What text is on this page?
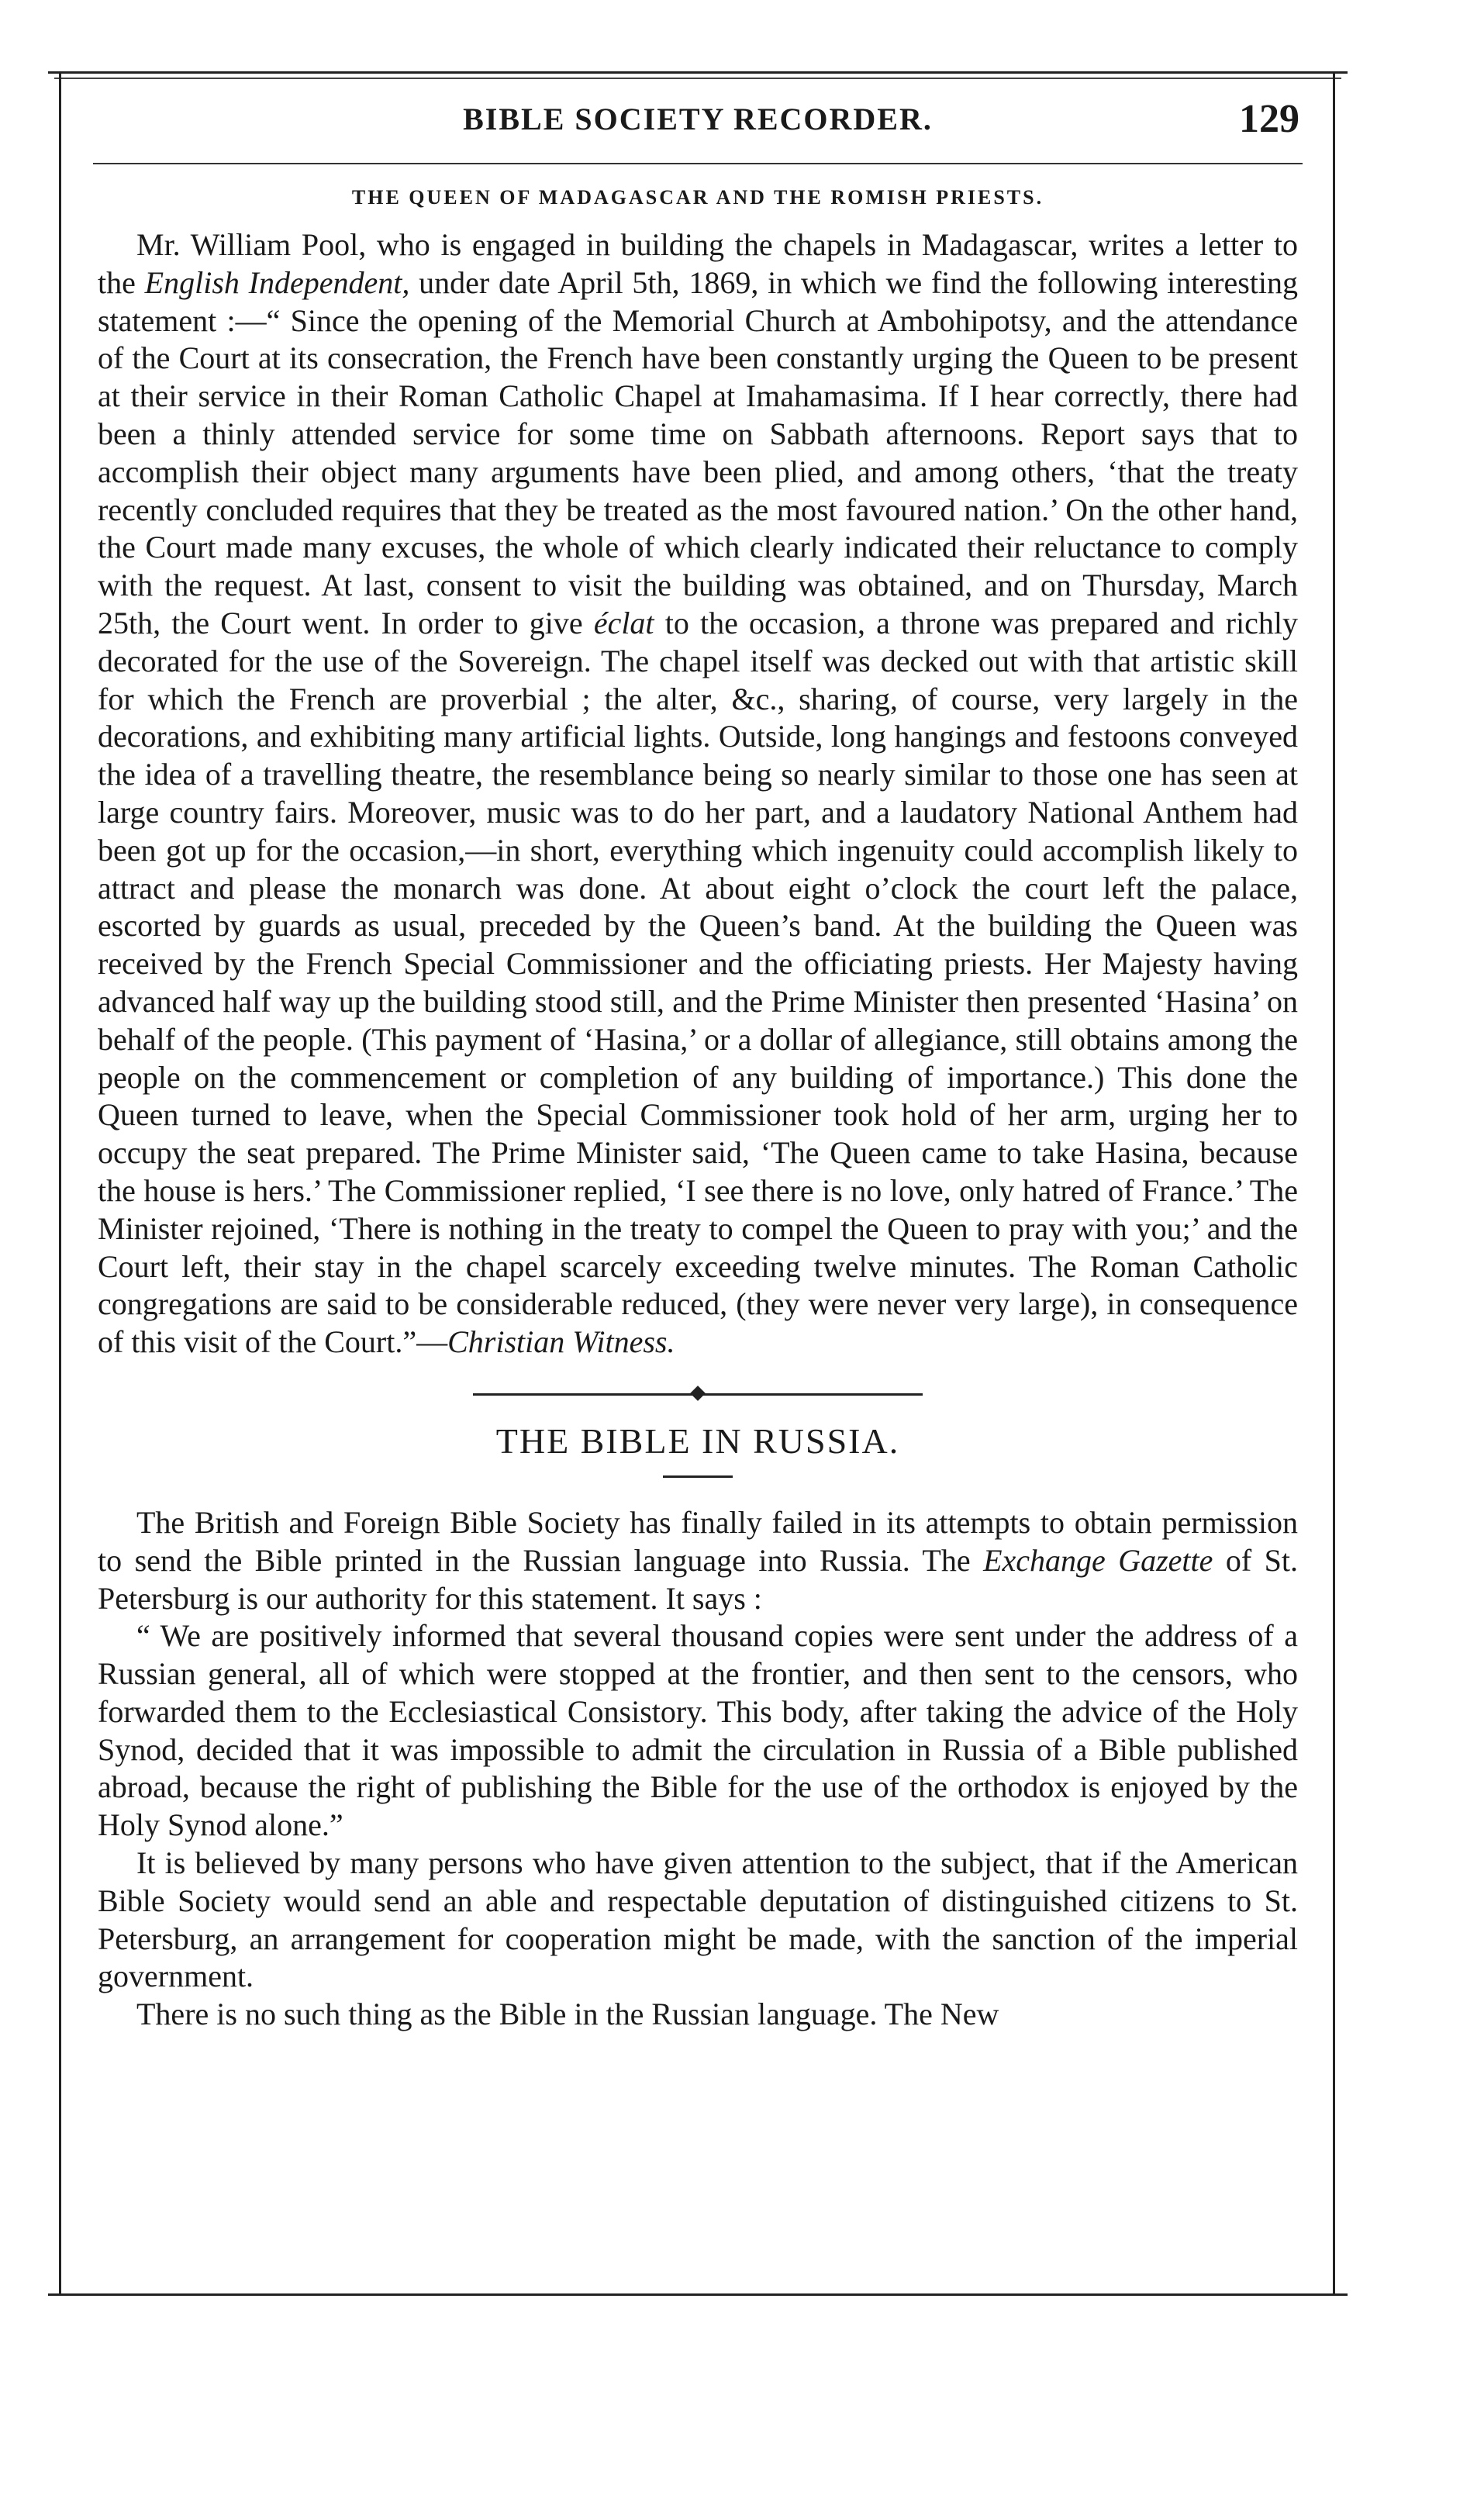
BIBLE SOCIETY RECORDER.	129
THE QUEEN OF MADAGASCAR AND THE ROMISH PRIESTS.

Mr. William Pool, who is engaged in building the chapels in Madagascar, writes a letter to the English Independent, under date April 5th, 1869, in which we find the following interesting statement :—“ Since the opening of the Memorial Church at Ambohipotsy, and the attendance of the Court at its consecration, the French have been constantly urging the Queen to be present at their service in their Roman Catholic Chapel at Imahamasima. If I hear correctly, there had been a thinly attended service for some time on Sabbath afternoons. Report says that to accomplish their object many arguments have been plied, and among others, ‘that the treaty recently concluded requires that they be treated as the most favoured nation.’ On the other hand, the Court made many excuses, the whole of which clearly indicated their reluctance to comply with the request. At last, consent to visit the building was obtained, and on Thursday, March 25th, the Court went. In order to give éclat to the occasion, a throne was prepared and richly decorated for the use of the Sovereign. The chapel itself was decked out with that artistic skill for which the French are proverbial ; the alter, &c., sharing, of course, very largely in the decorations, and exhibiting many artificial lights. Outside, long hangings and festoons conveyed the idea of a travelling theatre, the resemblance being so nearly similar to those one has seen at large country fairs. Moreover, music was to do her part, and a laudatory National Anthem had been got up for the occasion,—in short, everything which ingenuity could accomplish likely to attract and please the monarch was done. At about eight o’clock the court left the palace, escorted by guards as usual, preceded by the Queen’s band. At the building the Queen was received by the French Special Commissioner and the officiating priests. Her Majesty having advanced half way up the building stood still, and the Prime Minister then presented ‘Hasina’ on behalf of the people. (This payment of ‘Hasina,’ or a dollar of allegiance, still obtains among the people on the commencement or completion of any building of importance.) This done the Queen turned to leave, when the Special Commissioner took hold of her arm, urging her to occupy the seat prepared. The Prime Minister said, ‘The Queen came to take Hasina, because the house is hers.’ The Commissioner replied, ‘I see there is no love, only hatred of France.’ The Minister rejoined, ‘There is nothing in the treaty to compel the Queen to pray with you;’ and the Court left, their stay in the chapel scarcely exceeding twelve minutes. The Roman Catholic congregations are said to be considerable reduced, (they were never very large), in consequence of this visit of the Court.”—Christian Witness.

THE BIBLE IN RUSSIA.

The British and Foreign Bible Society has finally failed in its attempts to obtain permission to send the Bible printed in the Russian language into Russia. The Exchange Gazette of St. Petersburg is our authority for this statement. It says :

“ We are positively informed that several thousand copies were sent under the address of a Russian general, all of which were stopped at the frontier, and then sent to the censors, who forwarded them to the Ecclesiastical Consistory. This body, after taking the advice of the Holy Synod, decided that it was impossible to admit the circulation in Russia of a Bible published abroad, because the right of publishing the Bible for the use of the orthodox is enjoyed by the Holy Synod alone.”

It is believed by many persons who have given attention to the subject, that if the American Bible Society would send an able and respectable deputation of distinguished citizens to St. Petersburg, an arrangement for cooperation might be made, with the sanction of the imperial government.

There is no such thing as the Bible in the Russian language. The New
